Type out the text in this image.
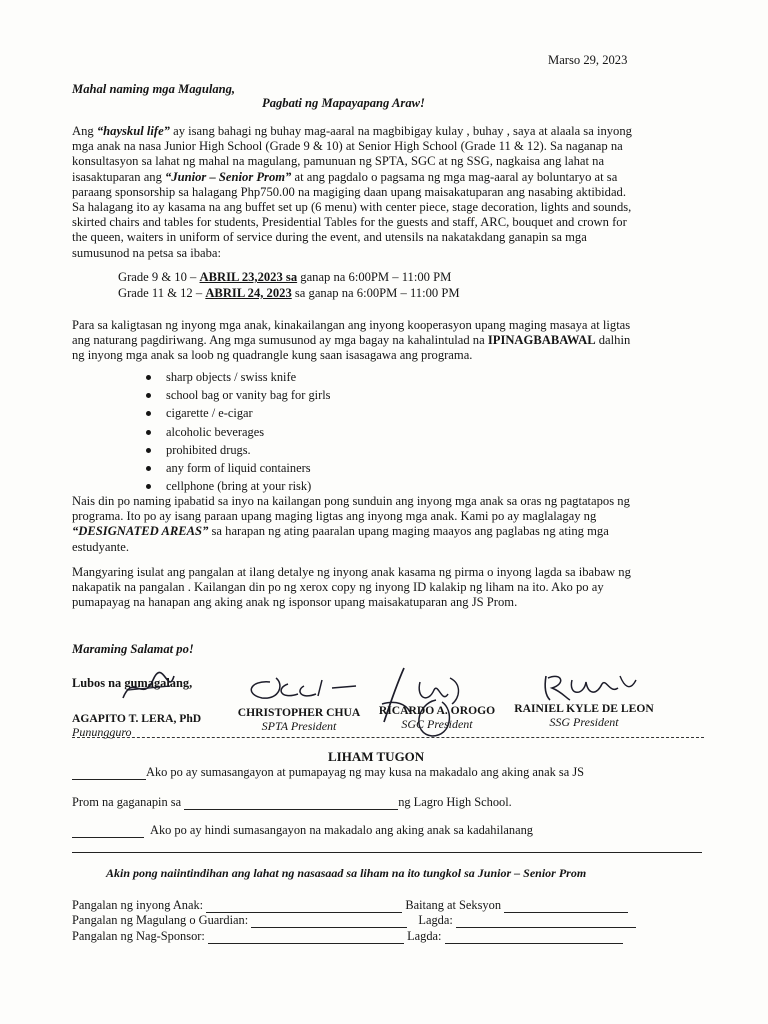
Marso 29, 2023
Mahal naming mga Magulang,
Pagbati ng Mapayapang Araw!
Ang “hayskul life” ay isang bahagi ng buhay mag-aaral na magbibigay kulay , buhay , saya at alaala sa inyong
mga anak na nasa Junior High School (Grade 9 & 10) at Senior High School (Grade 11 & 12). Sa naganap na
konsultasyon sa lahat ng mahal na magulang, pamunuan ng SPTA, SGC at ng SSG, nagkaisa ang lahat na
isasaktuparan ang “Junior – Senior Prom” at ang pagdalo o pagsama ng mga mag-aaral ay boluntaryo at sa
paraang sponsorship sa halagang Php750.00 na magiging daan upang maisakatuparan ang nasabing aktibidad.
Sa halagang ito ay kasama na ang buffet set up (6 menu) with center piece, stage decoration, lights and sounds,
skirted chairs and tables for students, Presidential Tables for the guests and staff, ARC, bouquet and crown for
the queen, waiters in uniform of service during the event, and utensils na nakatakdang ganapin sa mga
sumusunod na petsa sa ibaba:
Grade 9 & 10 – ABRIL 23,2023 sa ganap na 6:00PM – 11:00 PM
Grade 11 & 12 – ABRIL 24, 2023 sa ganap na 6:00PM – 11:00 PM
Para sa kaligtasan ng inyong mga anak, kinakailangan ang inyong kooperasyon upang maging masaya at ligtas
ang naturang pagdiriwang. Ang mga sumusunod ay mga bagay na kahalintulad na IPINAGBABAWAL dalhin
ng inyong mga anak sa loob ng quadrangle kung saan isasagawa ang programa.
sharp objects / swiss knife
school bag or vanity bag for girls
cigarette / e-cigar
alcoholic beverages
prohibited drugs.
any form of liquid containers
cellphone (bring at your risk)
Nais din po naming ipabatid sa inyo na kailangan pong sunduin ang inyong mga anak sa oras ng pagtatapos ng
programa. Ito po ay isang paraan upang maging ligtas ang inyong mga anak. Kami po ay maglalagay ng
“DESIGNATED AREAS” sa harapan ng ating paaralan upang maging maayos ang paglabas ng ating mga
estudyante.
Mangyaring isulat ang pangalan at ilang detalye ng inyong anak kasama ng pirma o inyong lagda sa ibabaw ng
nakapatik na pangalan . Kailangan din po ng xerox copy ng inyong ID kalakip ng liham na ito. Ako po ay
pumapayag na hanapan ang aking anak ng isponsor upang maisakatuparan ang JS Prom.
Maraming Salamat po!
Lubos na gumagalang,
AGAPITO T. LERA, PhD
Punungguro
CHRISTOPHER CHUA
SPTA President
RICARDO A. OROGO
SGC President
RAINIEL KYLE DE LEON
SSG President
LIHAM TUGON
Ako po ay sumasangayon at pumapayag ng may kusa na makadalo ang aking anak sa JS
Prom na gaganapin sa	ng Lagro High School.
Ako po ay hindi sumasangayon na makadalo ang aking anak sa kadahilanang
Akin pong naiintindihan ang lahat ng nasasaad sa liham na ito tungkol sa Junior – Senior Prom
Pangalan ng inyong Anak:	Baitang at Seksyon
Pangalan ng Magulang o Guardian:	Lagda:
Pangalan ng Nag-Sponsor:	Lagda:
